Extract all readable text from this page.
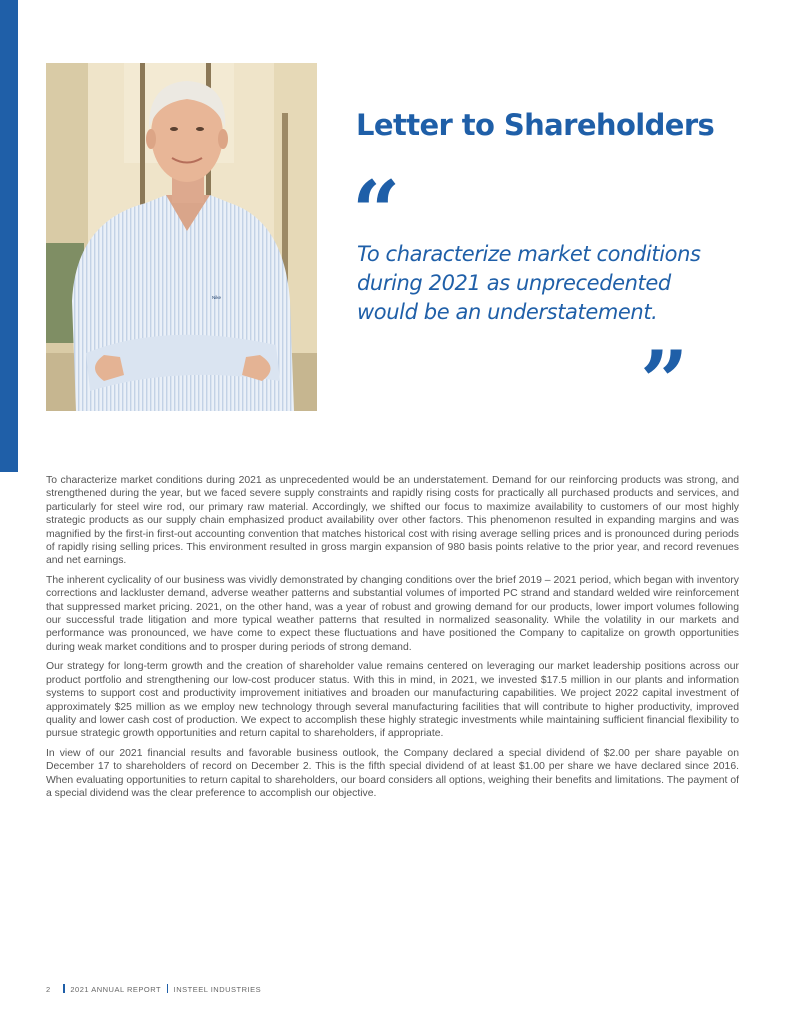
Nike
Letter to Shareholders
“

To characterize market conditions
during 2021 as unprecedented
would be an understatement.

”

To characterize market conditions during 2021 as unprecedented would be an understatement. Demand for our reinforcing products was strong, and strengthened during the year, but we faced severe supply constraints and rapidly rising costs for practically all purchased products and services, and particularly for steel wire rod, our primary raw material. Accordingly, we shifted our focus to maximize availability to customers of our most highly strategic products as our supply chain emphasized product availability over other factors. This phenomenon resulted in expanding margins and was magnified by the first-in first-out accounting convention that matches historical cost with rising average selling prices and is pronounced during periods of rapidly rising selling prices. This environment resulted in gross margin expansion of 980 basis points relative to the prior year, and record revenues and net earnings.

The inherent cyclicality of our business was vividly demonstrated by changing conditions over the brief 2019 – 2021 period, which began with inventory corrections and lackluster demand, adverse weather patterns and substantial volumes of imported PC strand and standard welded wire reinforcement that suppressed market pricing. 2021, on the other hand, was a year of robust and growing demand for our products, lower import volumes following our successful trade litigation and more typical weather patterns that resulted in normalized seasonality. While the volatility in our markets and performance was pronounced, we have come to expect these fluctuations and have positioned the Company to capitalize on growth opportunities during weak market conditions and to prosper during periods of strong demand.

Our strategy for long-term growth and the creation of shareholder value remains centered on leveraging our market leadership positions across our product portfolio and strengthening our low-cost producer status. With this in mind, in 2021, we invested $17.5 million in our plants and information systems to support cost and productivity improvement initiatives and broaden our manufacturing capabilities. We project 2022 capital investment of approximately $25 million as we employ new technology through several manufacturing facilities that will contribute to higher productivity, improved quality and lower cash cost of production. We expect to accomplish these highly strategic investments while maintaining sufficient financial flexibility to pursue strategic growth opportunities and return capital to shareholders, if appropriate.

In view of our 2021 financial results and favorable business outlook, the Company declared a special dividend of $2.00 per share payable on December 17 to shareholders of record on December 2. This is the fifth special dividend of at least $1.00 per share we have declared since 2016. When evaluating opportunities to return capital to shareholders, our board considers all options, weighing their benefits and limitations. The payment of a special dividend was the clear preference to accomplish our objective.

2	2021 ANNUAL REPORT INSTEEL INDUSTRIES
